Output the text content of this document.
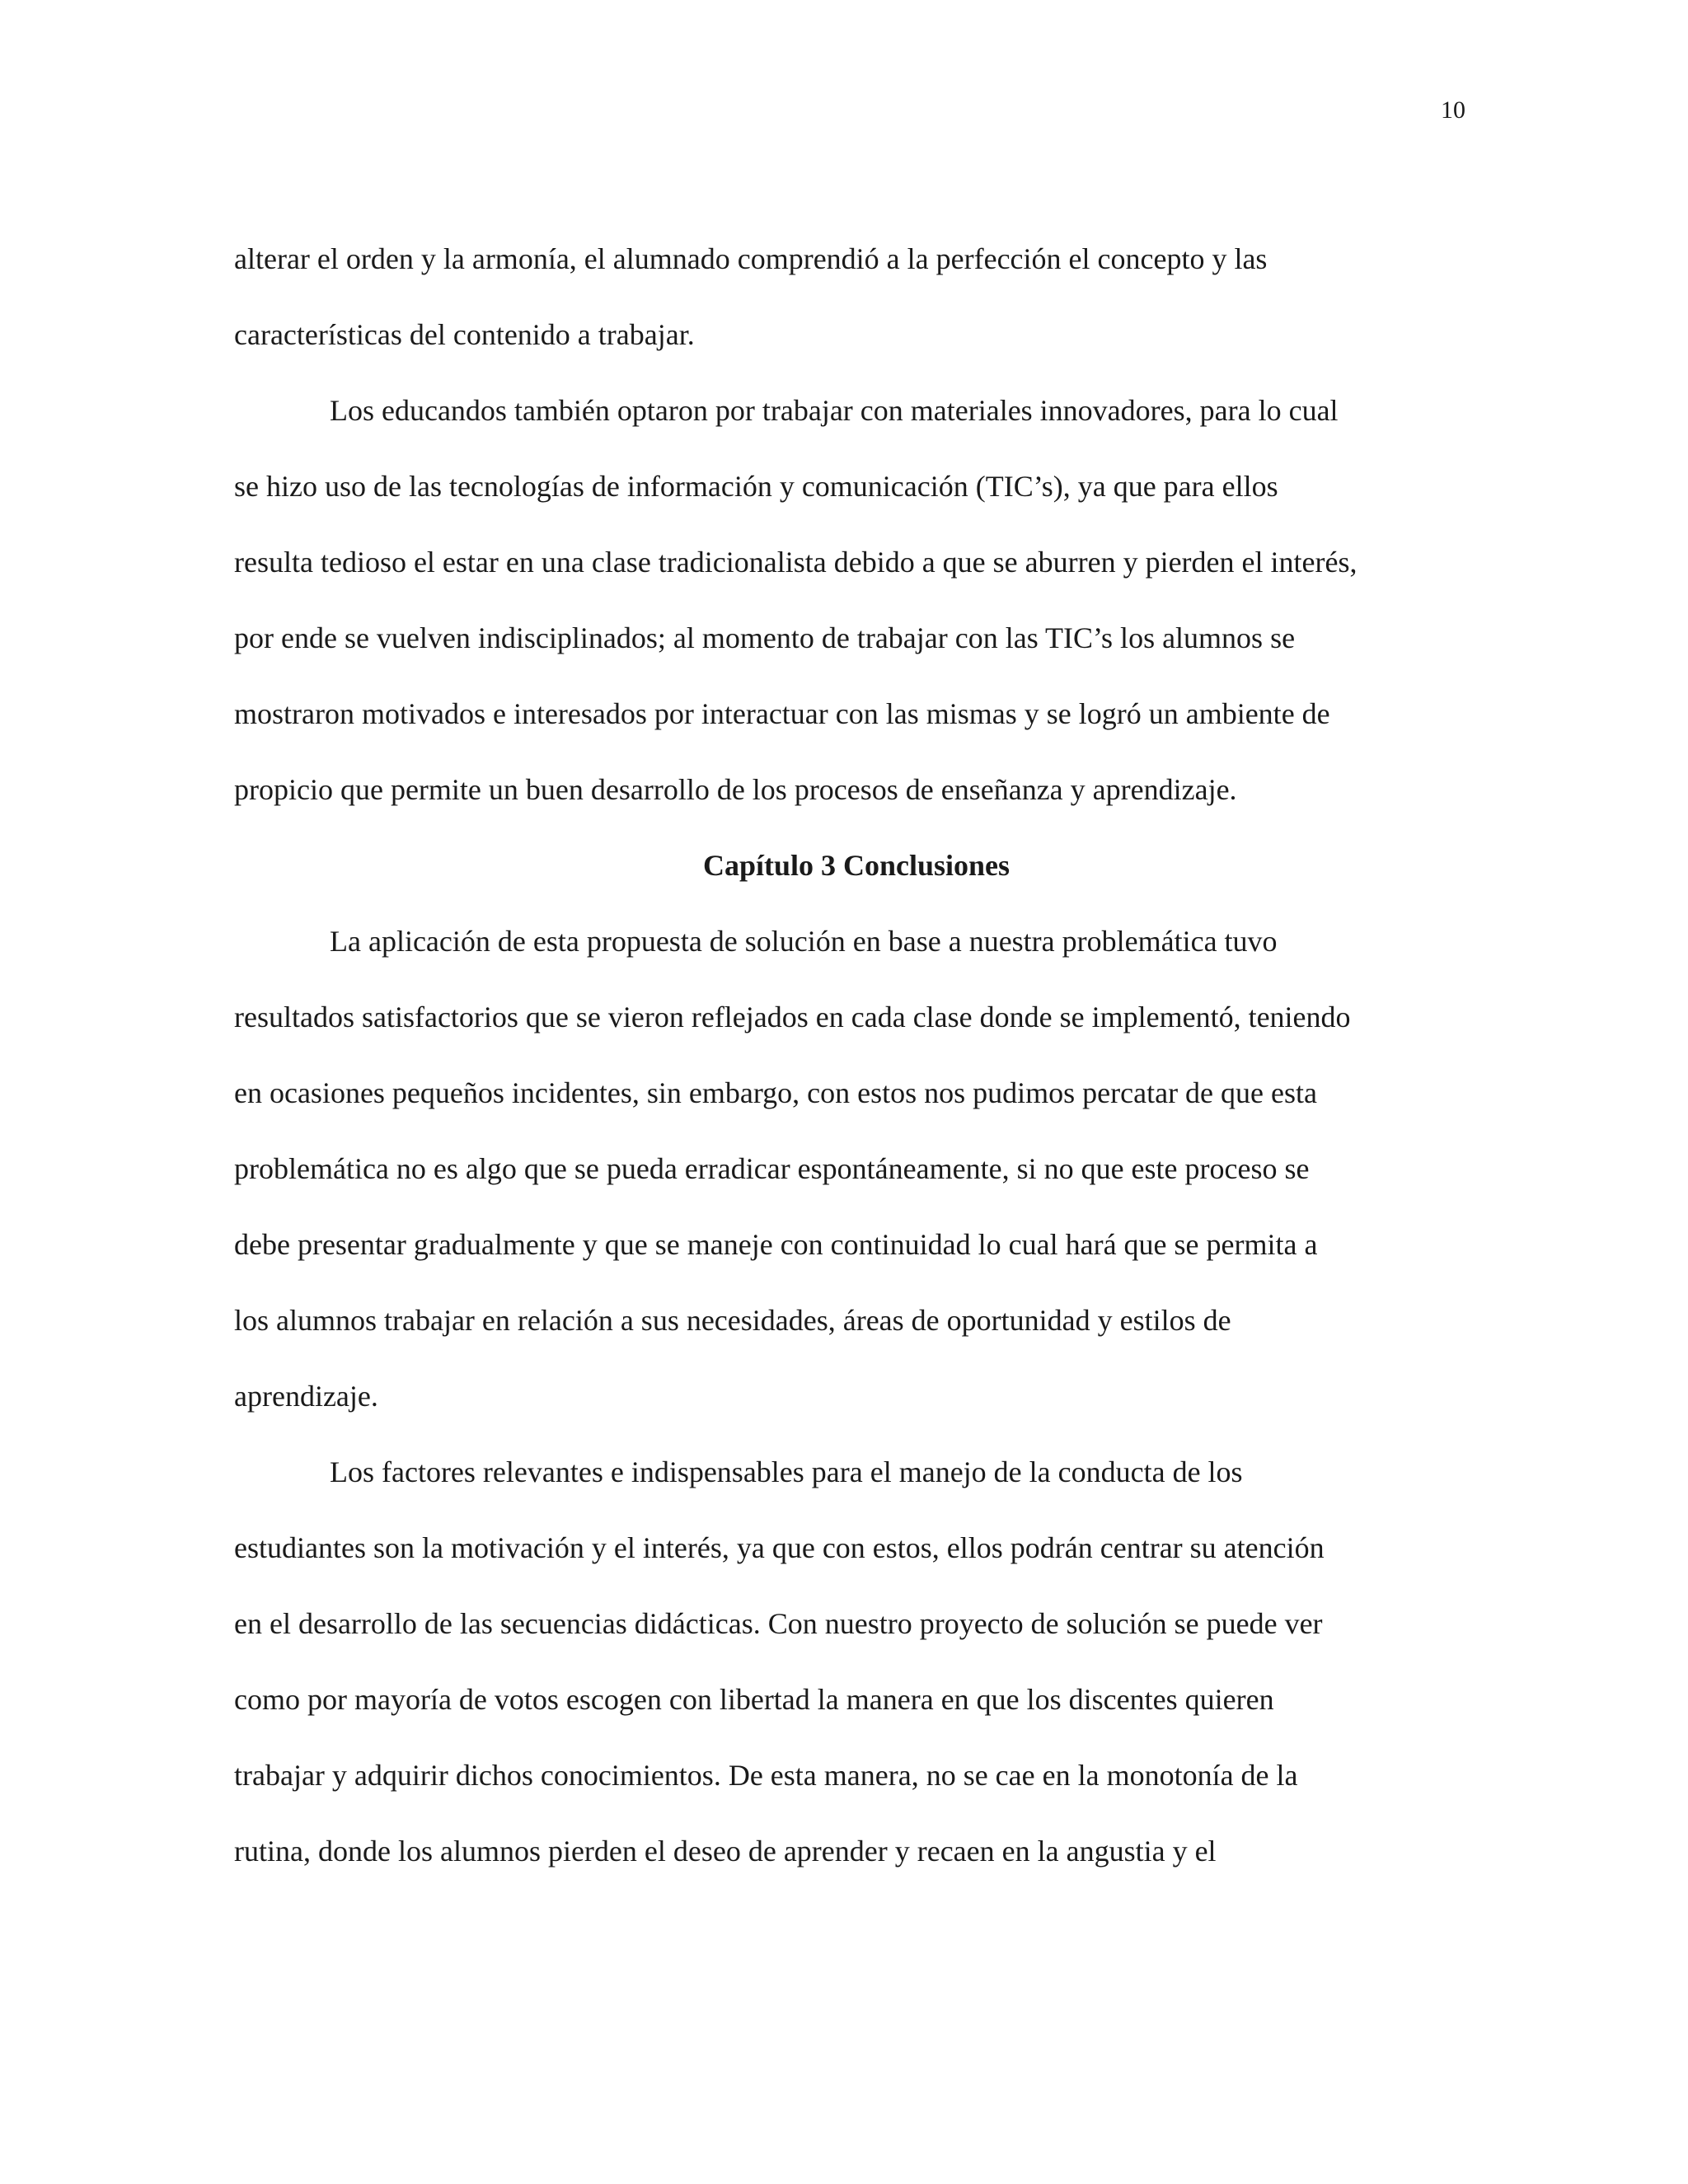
10

alterar el orden y la armonía, el alumnado comprendió a la perfección el concepto y las
características del contenido a trabajar.

Los educandos también optaron por trabajar con materiales innovadores, para lo cual
se hizo uso de las tecnologías de información y comunicación (TIC’s), ya que para ellos
resulta tedioso el estar en una clase tradicionalista debido a que se aburren y pierden el interés,
por ende se vuelven indisciplinados; al momento de trabajar con las TIC’s los alumnos se
mostraron motivados e interesados por interactuar con las mismas y se logró un ambiente de
propicio que permite un buen desarrollo de los procesos de enseñanza y aprendizaje.

Capítulo 3 Conclusiones

La aplicación de esta propuesta de solución en base a nuestra problemática tuvo
resultados satisfactorios que se vieron reflejados en cada clase donde se implementó, teniendo
en ocasiones pequeños incidentes, sin embargo, con estos nos pudimos percatar de que esta
problemática no es algo que se pueda erradicar espontáneamente, si no que este proceso se
debe presentar gradualmente y que se maneje con continuidad lo cual hará que se permita a
los alumnos trabajar en relación a sus necesidades, áreas de oportunidad y estilos de
aprendizaje.

Los factores relevantes e indispensables para el manejo de la conducta de los
estudiantes son la motivación y el interés, ya que con estos, ellos podrán centrar su atención
en el desarrollo de las secuencias didácticas. Con nuestro proyecto de solución se puede ver
como por mayoría de votos escogen con libertad la manera en que los discentes quieren
trabajar y adquirir dichos conocimientos. De esta manera, no se cae en la monotonía de la
rutina, donde los alumnos pierden el deseo de aprender y recaen en la angustia y el
